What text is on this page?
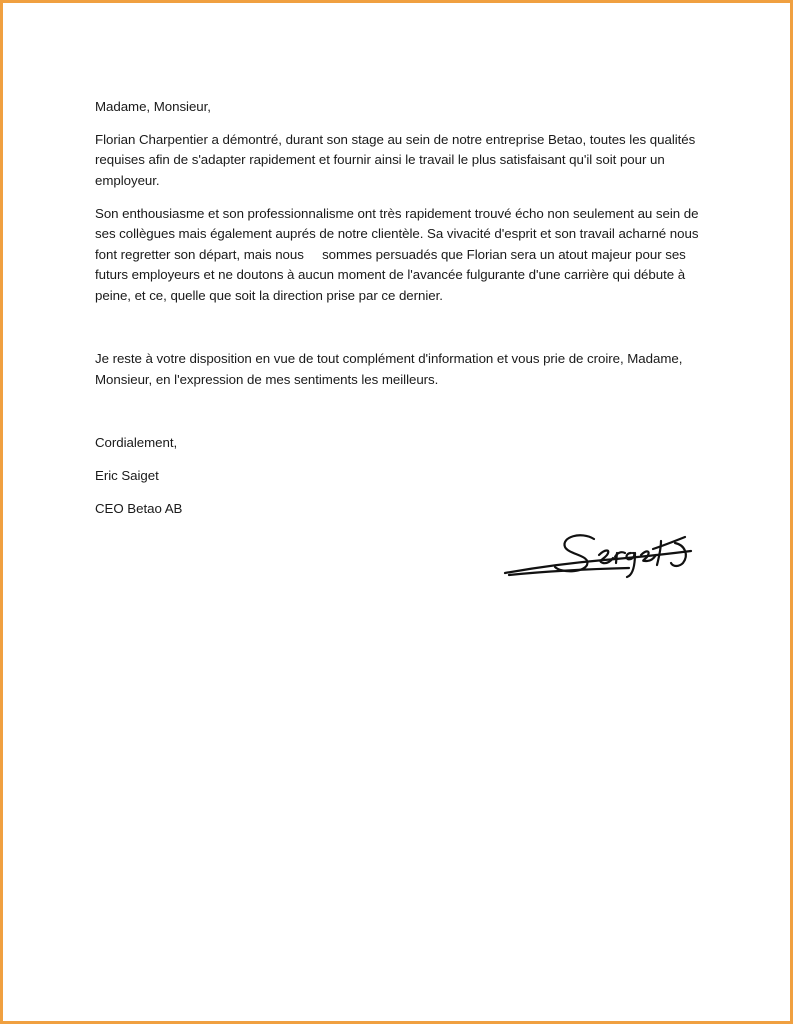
Madame, Monsieur,

Florian Charpentier a démontré, durant son stage au sein de notre entreprise Betao, toutes les qualités

requises afin de s'adapter rapidement et fournir ainsi le travail le plus satisfaisant qu'il soit pour un

employeur.

Son enthousiasme et son professionnalisme ont très rapidement trouvé écho non seulement au sein de

ses collègues mais également auprés de notre clientèle. Sa vivacité d'esprit et son travail acharné nous

font regretter son départ, mais nous     sommes persuadés que Florian sera un atout majeur pour ses

futurs employeurs et ne doutons à aucun moment de l'avancée fulgurante d'une carrière qui débute à

peine, et ce, quelle que soit la direction prise par ce dernier.

Je reste à votre disposition en vue de tout complément d'information et vous prie de croire, Madame,

Monsieur, en l'expression de mes sentiments les meilleurs.

Cordialement,

Eric Saiget

CEO Betao AB
